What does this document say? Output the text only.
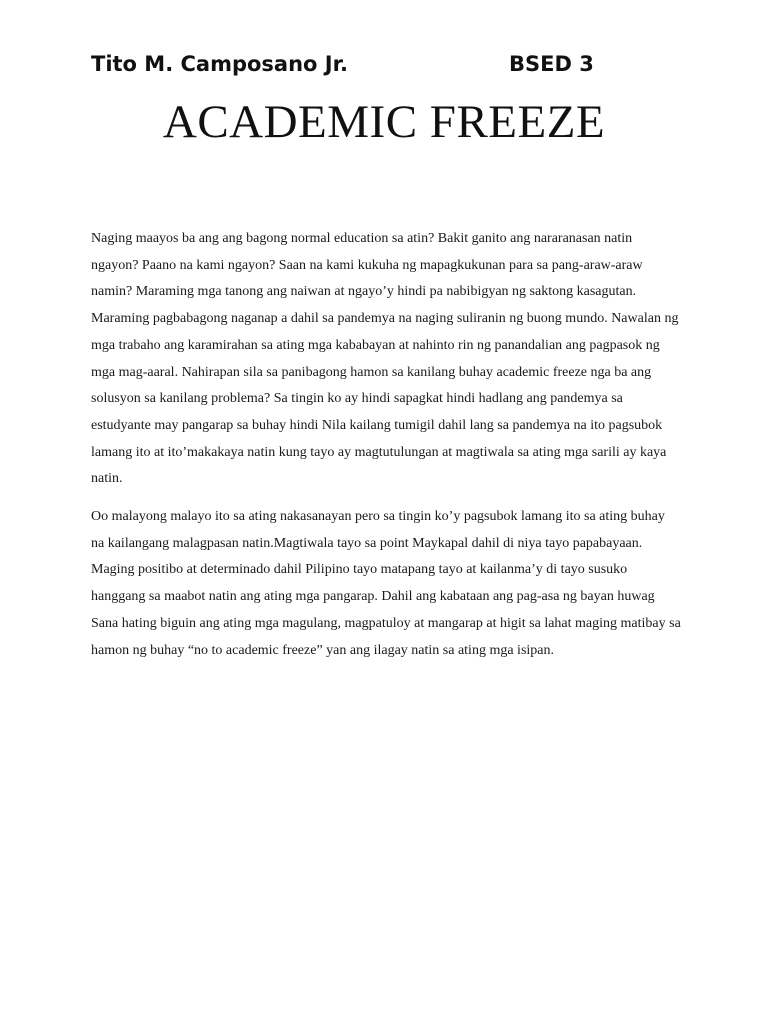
Tito M. Camposano Jr.	BSED 3
ACADEMIC FREEZE

Naging maayos ba ang ang bagong normal education sa atin? Bakit ganito ang nararanasan natin ngayon? Paano na kami ngayon? Saan na kami kukuha ng mapagkukunan para sa pang-araw-araw namin? Maraming mga tanong ang naiwan at ngayo’y hindi pa nabibigyan ng saktong kasagutan. Maraming pagbabagong naganap a dahil sa pandemya na naging suliranin ng buong mundo. Nawalan ng mga trabaho ang karamirahan sa ating mga kababayan at nahinto rin ng panandalian ang pagpasok ng mga mag-aaral. Nahirapan sila sa panibagong hamon sa kanilang buhay academic freeze nga ba ang solusyon sa kanilang problema? Sa tingin ko ay hindi sapagkat hindi hadlang ang pandemya sa estudyante may pangarap sa buhay hindi Nila kailang tumigil dahil lang sa pandemya na ito pagsubok lamang ito at ito’makakaya natin kung tayo ay magtutulungan at magtiwala sa ating mga sarili ay kaya natin.

Oo malayong malayo ito sa ating nakasanayan pero sa tingin ko’y pagsubok lamang ito sa ating buhay na kailangang malagpasan natin.Magtiwala tayo sa point Maykapal dahil di niya tayo papabayaan. Maging positibo at determinado dahil Pilipino tayo matapang tayo at kailanma’y di tayo susuko hanggang sa maabot natin ang ating mga pangarap. Dahil ang kabataan ang pag-asa ng bayan huwag Sana hating biguin ang ating mga magulang, magpatuloy at mangarap at higit sa lahat maging matibay sa hamon ng buhay “no to academic freeze” yan ang ilagay natin sa ating mga isipan.
